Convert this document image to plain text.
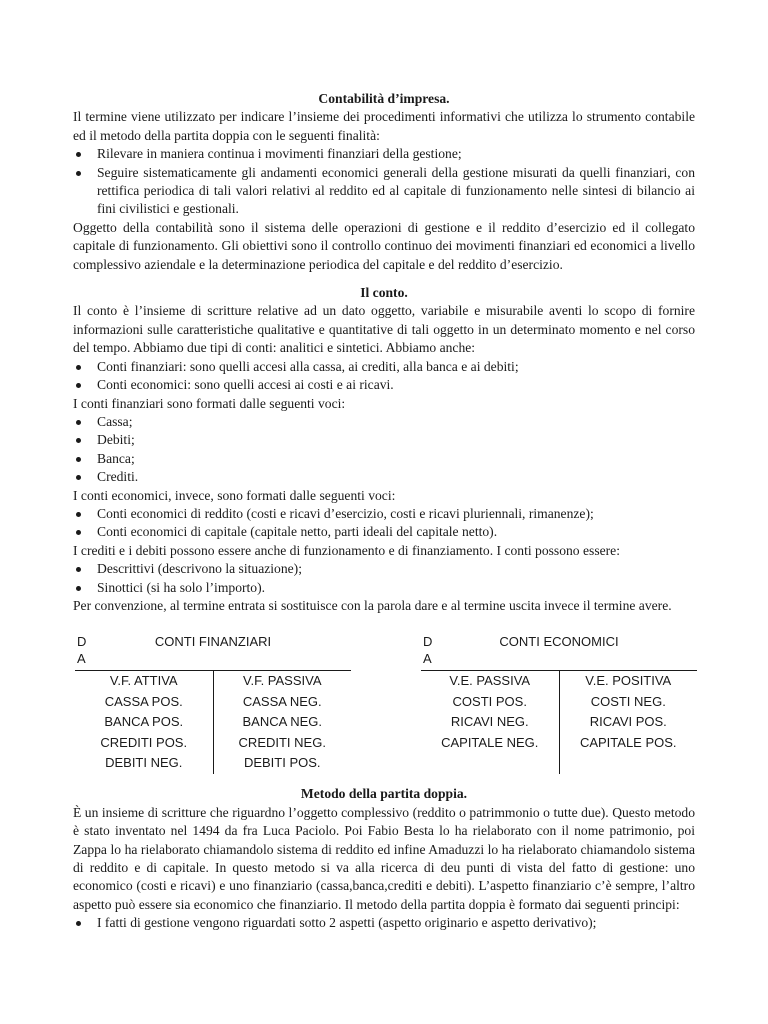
Contabilità d’impresa.

Il termine viene utilizzato per indicare l’insieme dei procedimenti informativi che utilizza lo strumento contabile ed il metodo della partita doppia con le seguenti finalità:

Rilevare in maniera continua i movimenti finanziari della gestione;
Seguire sistematicamente gli andamenti economici generali della gestione misurati da quelli finanziari, con rettifica periodica di tali valori relativi al reddito ed al capitale di funzionamento nelle sintesi di bilancio ai fini civilistici e gestionali.

Oggetto della contabilità sono il sistema delle operazioni di gestione e il reddito d’esercizio ed il collegato capitale di funzionamento. Gli obiettivi sono il controllo continuo dei movimenti finanziari ed economici a livello complessivo aziendale e la determinazione periodica del capitale e del reddito d’esercizio.

Il conto.

Il conto è l’insieme di scritture relative ad un dato oggetto, variabile e misurabile aventi lo scopo di fornire informazioni sulle caratteristiche qualitative e quantitative di tali oggetto in un determinato momento e nel corso del tempo. Abbiamo due tipi di conti: analitici e sintetici. Abbiamo anche:

Conti finanziari: sono quelli accesi alla cassa, ai crediti, alla banca e ai debiti;
Conti economici: sono quelli accesi ai costi e ai ricavi.

I conti finanziari sono formati dalle seguenti voci:

Cassa;
Debiti;
Banca;
Crediti.

I conti economici, invece, sono formati dalle seguenti voci:

Conti economici di reddito (costi e ricavi d’esercizio, costi e ricavi pluriennali, rimanenze);
Conti economici di capitale (capitale netto, parti ideali del capitale netto).

I crediti e i debiti possono essere anche di funzionamento e di finanziamento. I conti possono essere:

Descrittivi (descrivono la situazione);
Sinottici (si ha solo l’importo).

Per convenzione, al termine entrata si sostituisce con la parola dare e al termine uscita invece il termine avere.

DA
CONTI FINANZIARI
V.F. ATTIVA
CASSA POS.
BANCA POS.
CREDITI POS.
DEBITI NEG.
V.F. PASSIVA
CASSA NEG.
BANCA NEG.
CREDITI NEG.
DEBITI POS.
DA
CONTI ECONOMICI
V.E. PASSIVA
COSTI POS.
RICAVI NEG.
CAPITALE NEG.
V.E. POSITIVA
COSTI NEG.
RICAVI POS.
CAPITALE POS.
Metodo della partita doppia.

È un insieme di scritture che riguardno l’oggetto complessivo (reddito o patrimmonio o tutte due). Questo metodo è stato inventato nel 1494 da fra Luca Paciolo. Poi Fabio Besta lo ha rielaborato con il nome patrimonio, poi Zappa lo ha rielaborato chiamandolo sistema di reddito ed infine Amaduzzi lo ha rielaborato chiamandolo sistema di reddito e di capitale. In questo metodo si va alla ricerca di deu punti di vista del fatto di gestione: uno economico (costi e ricavi) e uno finanziario (cassa,banca,crediti e debiti). L’aspetto finanziario c’è sempre, l’altro aspetto può essere sia economico che finanziario. Il metodo della partita doppia è formato dai seguenti principi:

I fatti di gestione vengono riguardati sotto 2 aspetti (aspetto originario e aspetto derivativo);
